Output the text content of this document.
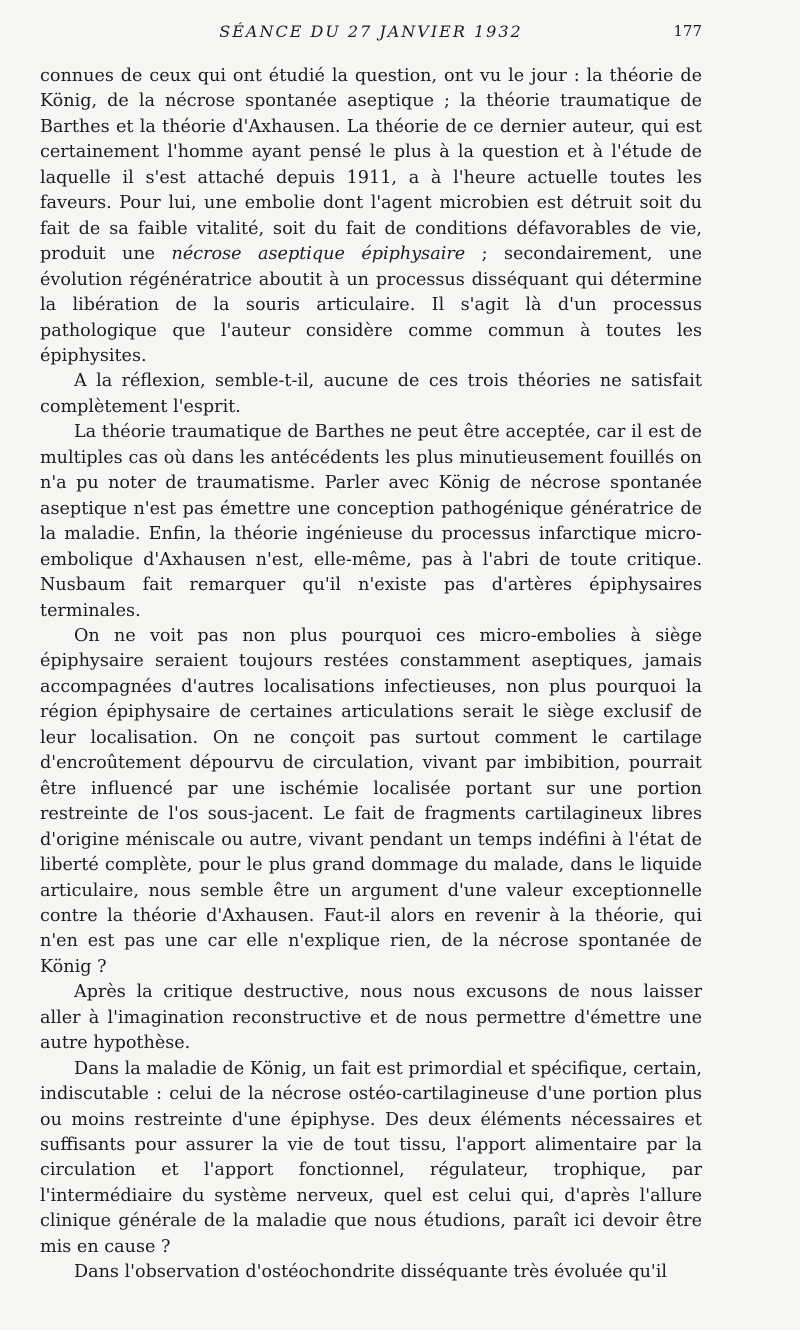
SÉANCE DU 27 JANVIER 1932	177

connues de ceux qui ont étudié la question, ont vu le jour : la théorie de König, de la nécrose spontanée aseptique ; la théorie traumatique de Barthes et la théorie d'Axhausen. La théorie de ce dernier auteur, qui est certainement l'homme ayant pensé le plus à la question et à l'étude de laquelle il s'est attaché depuis 1911, a à l'heure actuelle toutes les faveurs. Pour lui, une embolie dont l'agent microbien est détruit soit du fait de sa faible vitalité, soit du fait de conditions défavorables de vie, produit une nécrose aseptique épiphysaire ; secondairement, une évolution régénératrice aboutit à un processus disséquant qui détermine la libération de la souris articulaire. Il s'agit là d'un processus pathologique que l'auteur considère comme commun à toutes les épiphysites.

A la réflexion, semble-t-il, aucune de ces trois théories ne satisfait complètement l'esprit.

La théorie traumatique de Barthes ne peut être acceptée, car il est de multiples cas où dans les antécédents les plus minutieusement fouillés on n'a pu noter de traumatisme. Parler avec König de nécrose spontanée aseptique n'est pas émettre une conception pathogénique génératrice de la maladie. Enfin, la théorie ingénieuse du processus infarctique micro-embolique d'Axhausen n'est, elle-même, pas à l'abri de toute critique. Nusbaum fait remarquer qu'il n'existe pas d'artères épiphysaires terminales.

On ne voit pas non plus pourquoi ces micro-embolies à siège épiphysaire seraient toujours restées constamment aseptiques, jamais accompagnées d'autres localisations infectieuses, non plus pourquoi la région épiphysaire de certaines articulations serait le siège exclusif de leur localisation. On ne conçoit pas surtout comment le cartilage d'encroûtement dépourvu de circulation, vivant par imbibition, pourrait être influencé par une ischémie localisée portant sur une portion restreinte de l'os sous-jacent. Le fait de fragments cartilagineux libres d'origine méniscale ou autre, vivant pendant un temps indéfini à l'état de liberté complète, pour le plus grand dommage du malade, dans le liquide articulaire, nous semble être un argument d'une valeur exceptionnelle contre la théorie d'Axhausen. Faut-il alors en revenir à la théorie, qui n'en est pas une car elle n'explique rien, de la nécrose spontanée de König ?

Après la critique destructive, nous nous excusons de nous laisser aller à l'imagination reconstructive et de nous permettre d'émettre une autre hypothèse.

Dans la maladie de König, un fait est primordial et spécifique, certain, indiscutable : celui de la nécrose ostéo-cartilagineuse d'une portion plus ou moins restreinte d'une épiphyse. Des deux éléments nécessaires et suffisants pour assurer la vie de tout tissu, l'apport alimentaire par la circulation et l'apport fonctionnel, régulateur, trophique, par l'intermédiaire du système nerveux, quel est celui qui, d'après l'allure clinique générale de la maladie que nous étudions, paraît ici devoir être mis en cause ?

Dans l'observation d'ostéochondrite disséquante très évoluée qu'il
